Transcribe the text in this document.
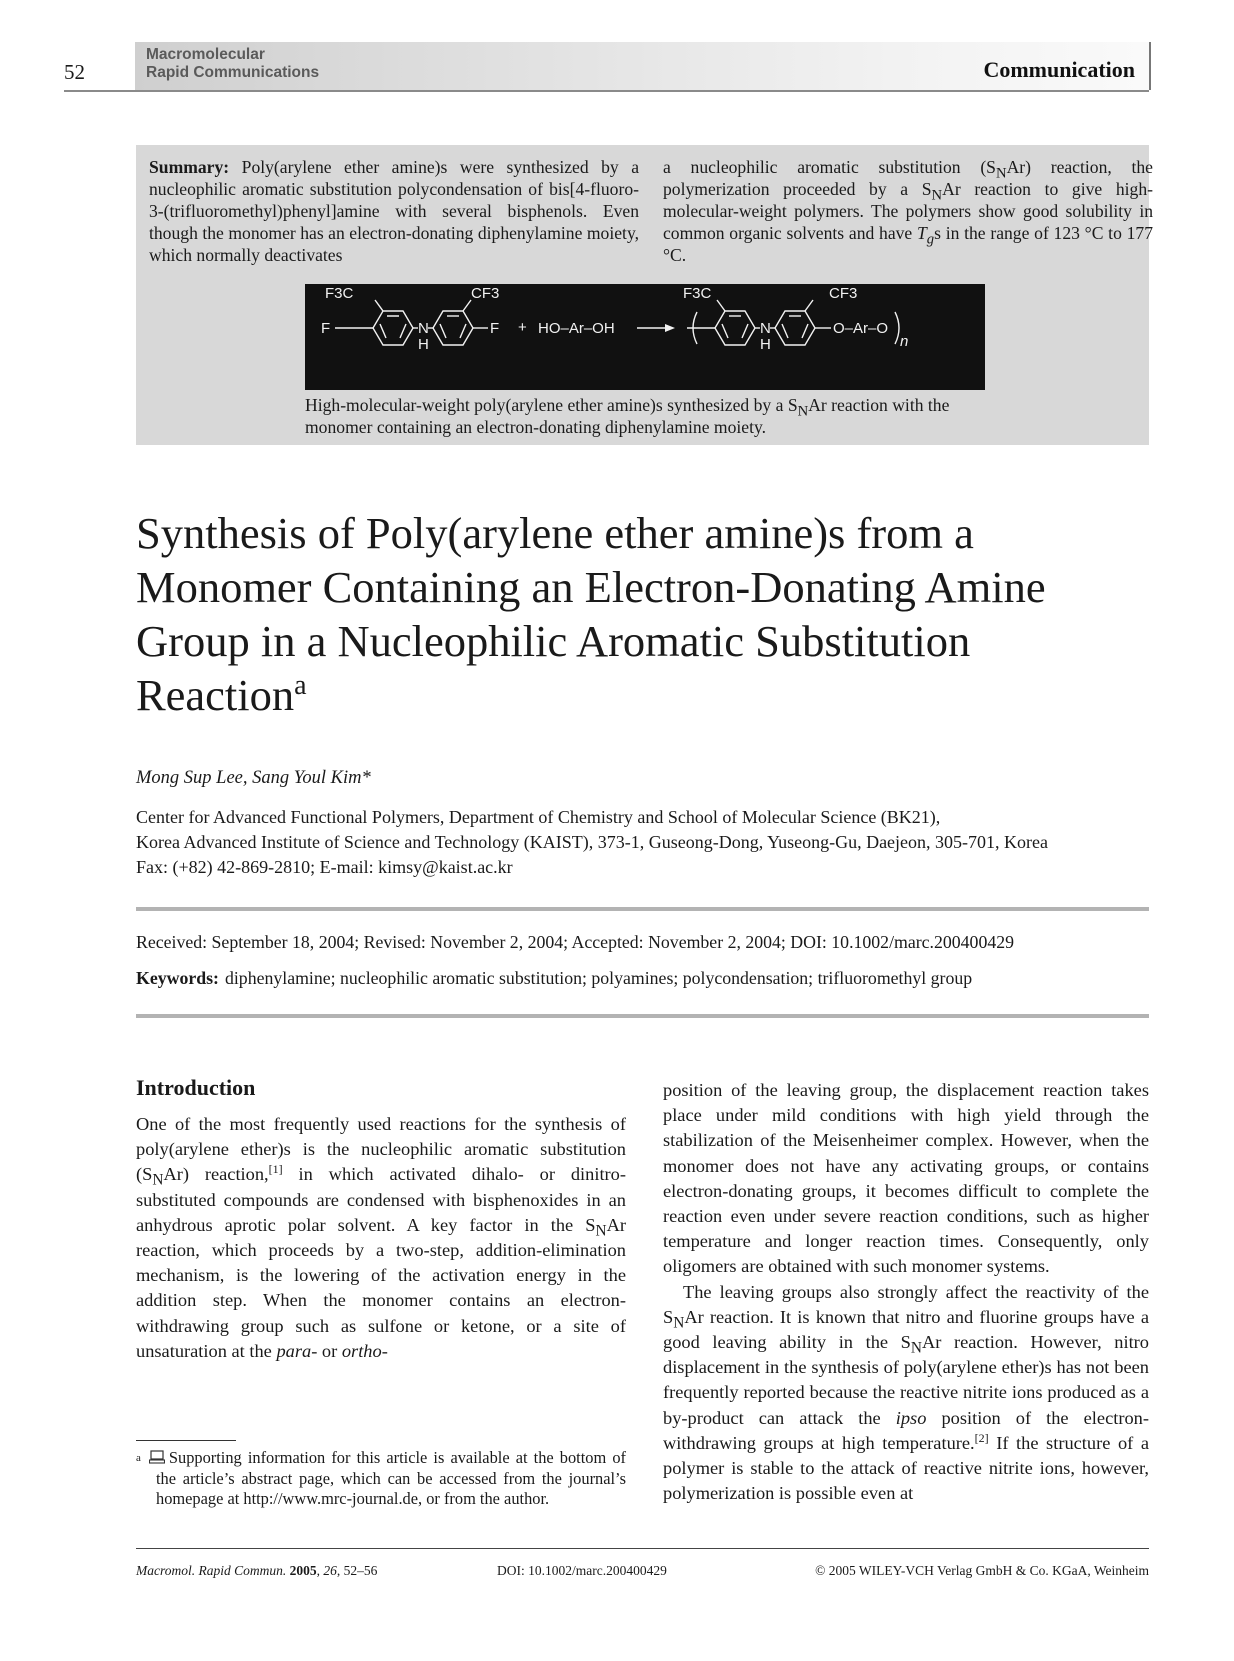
52
Macromolecular
Rapid Communications	Communication
Summary: Poly(arylene ether amine)s were synthesized by a nucleophilic aromatic substitution polycondensation of bis[4-fluoro-3-(trifluoromethyl)phenyl]amine with several bisphenols. Even though the monomer has an electron-donating diphenylamine moiety, which normally deactivates
a nucleophilic aromatic substitution $(S_NAr)$ reaction, the polymerization proceeded by a $S_NAr$ reaction to give high-molecular-weight polymers. The polymers show good solubility in common organic solvents and have $T_gs$ in the range of 123 °C to 177 °C.
F3C	CF3
F	N
H
F + HO–Ar–OH
F3C	CF3
N
H
O–Ar–O
n
High-molecular-weight poly(arylene ether amine)s synthesized by a $S_NAr$ reaction with the monomer containing an electron-donating diphenylamine moiety.
Synthesis of Poly(arylene ether amine)s from a Monomer Containing an Electron-Donating Amine Group in a Nucleophilic Aromatic Substitution Reaction$^a$
Mong Sup Lee, Sang Youl Kim*
Center for Advanced Functional Polymers, Department of Chemistry and School of Molecular Science (BK21),
Korea Advanced Institute of Science and Technology (KAIST), 373-1, Guseong-Dong, Yuseong-Gu, Daejeon, 305-701, Korea
Fax: (+82) 42-869-2810; E-mail: kimsy@kaist.ac.kr
Received: September 18, 2004; Revised: November 2, 2004; Accepted: November 2, 2004; DOI: 10.1002/marc.200400429
Keywords: diphenylamine; nucleophilic aromatic substitution; polyamines; polycondensation; trifluoromethyl group
Introduction

One of the most frequently used reactions for the synthesis of poly(arylene ether)s is the nucleophilic aromatic substitution $(S_NAr)$ reaction,[1] in which activated dihalo- or dinitro-substituted compounds are condensed with bisphenoxides in an anhydrous aprotic polar solvent. A key factor in the $S_NAr$ reaction, which proceeds by a two-step, addition-elimination mechanism, is the lowering of the activation energy in the addition step. When the monomer contains an electron-withdrawing group such as sulfone or ketone, or a site of unsaturation at the para- or ortho-

position of the leaving group, the displacement reaction takes place under mild conditions with high yield through the stabilization of the Meisenheimer complex. However, when the monomer does not have any activating groups, or contains electron-donating groups, it becomes difficult to complete the reaction even under severe reaction conditions, such as higher temperature and longer reaction times. Consequently, only oligomers are obtained with such monomer systems.

The leaving groups also strongly affect the reactivity of the $S_NAr$ reaction. It is known that nitro and fluorine groups have a good leaving ability in the $S_NAr$ reaction. However, nitro displacement in the synthesis of poly(arylene ether)s has not been frequently reported because the reactive nitrite ions produced as a by-product can attack the ipso position of the electron-withdrawing groups at high temperature.[2] If the structure of a polymer is stable to the attack of reactive nitrite ions, however, polymerization is possible even at

$^a$ Supporting information for this article is available at the bottom of the article’s abstract page, which can be accessed from the journal’s homepage at http://www.mrc-journal.de, or from the author.
Macromol. Rapid Commun. 2005, 26, 52–56	DOI: 10.1002/marc.200400429	© 2005 WILEY-VCH Verlag GmbH & Co. KGaA, Weinheim
